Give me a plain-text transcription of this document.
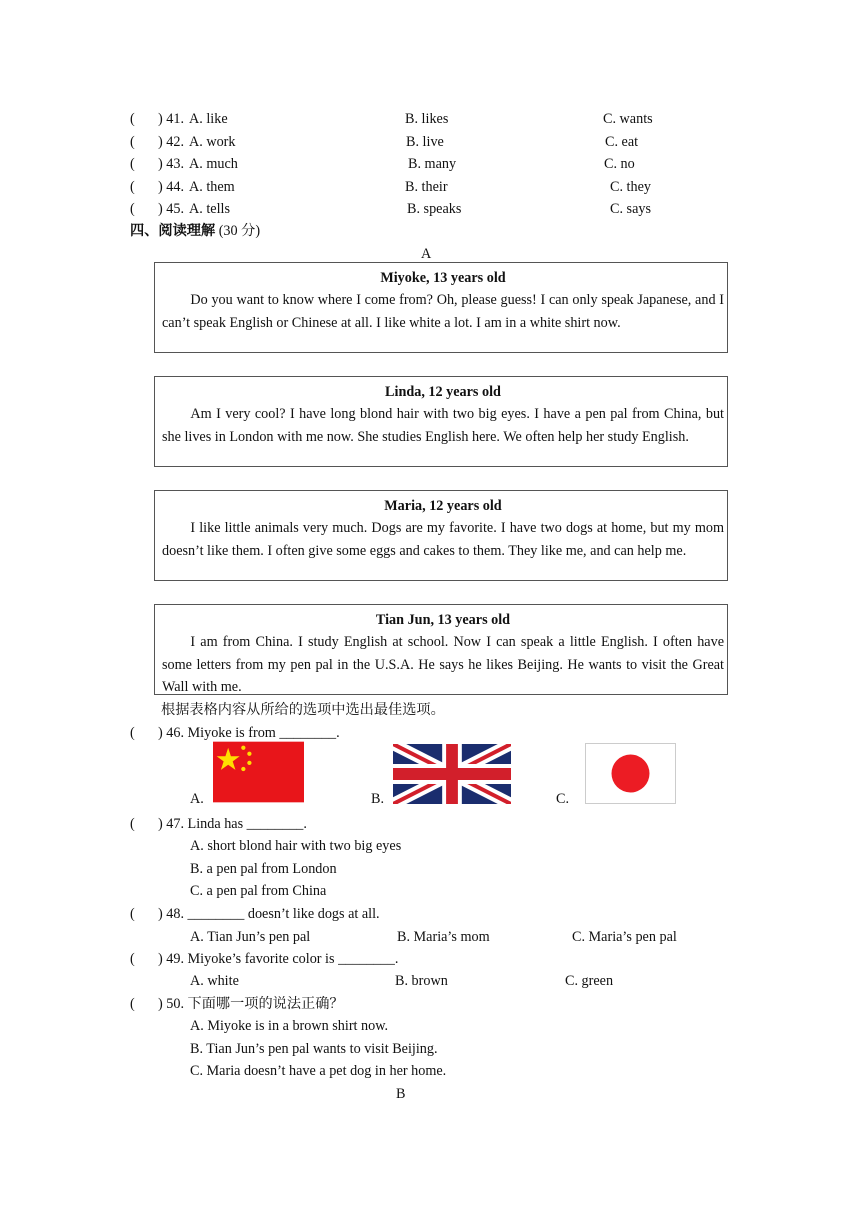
( ) 41. A. like	B. likes	C. wants
( ) 42. A. work	B. live	C. eat
( ) 43. A. much	B. many	C. no
( ) 44. A. them	B. their	C. they
( ) 45. A. tells	B. speaks	C. says
四、阅读理解 (30 分)
A
Miyoke, 13 years old
Do you want to know where I come from? Oh, please guess! I can only speak Japanese, and I can’t speak English or Chinese at all. I like white a lot. I am in a white shirt now.
Linda, 12 years old
Am I very cool? I have long blond hair with two big eyes. I have a pen pal from China, but she lives in London with me now. She studies English here. We often help her study English.
Maria, 12 years old
I like little animals very much. Dogs are my favorite. I have two dogs at home, but my mom doesn’t like them. I often give some eggs and cakes to them. They like me, and can help me.
Tian Jun, 13 years old
I am from China. I study English at school. Now I can speak a little English. I often have some letters from my pen pal in the U.S.A. He says he likes Beijing. He wants to visit the Great Wall with me.
根据表格内容从所给的选项中选出最佳选项。
( ) 46. Miyoke is from ________.
A.	B.	C.
( ) 47. Linda has ________.
A. short blond hair with two big eyes
B. a pen pal from London
C. a pen pal from China
( ) 48. ________ doesn’t like dogs at all.
A. Tian Jun’s pen pal	B. Maria’s mom	C. Maria’s pen pal
( ) 49. Miyoke’s favorite color is ________.
A. white	B. brown	C. green
( ) 50. 下面哪一项的说法正确？
A. Miyoke is in a brown shirt now.
B. Tian Jun’s pen pal wants to visit Beijing.
C. Maria doesn’t have a pet dog in her home.
B
